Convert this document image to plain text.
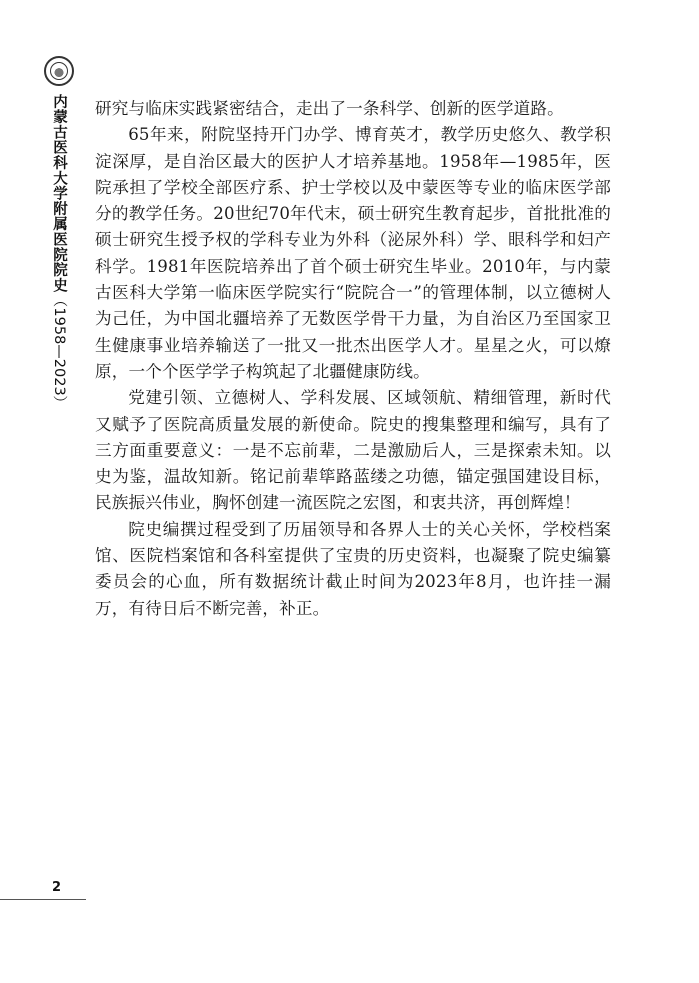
内蒙古医科大学附属医院院史（1958—2023）

研究与临床实践紧密结合，走出了一条科学、创新的医学道路。

65年来，附院坚持开门办学、博育英才，教学历史悠久、教学积淀深厚，是自治区最大的医护人才培养基地。1958年—1985年，医院承担了学校全部医疗系、护士学校以及中蒙医等专业的临床医学部分的教学任务。20世纪70年代末，硕士研究生教育起步，首批批准的硕士研究生授予权的学科专业为外科（泌尿外科）学、眼科学和妇产科学。1981年医院培养出了首个硕士研究生毕业。2010年，与内蒙古医科大学第一临床医学院实行“院院合一”的管理体制，以立德树人为己任，为中国北疆培养了无数医学骨干力量，为自治区乃至国家卫生健康事业培养输送了一批又一批杰出医学人才。星星之火，可以燎原，一个个医学学子构筑起了北疆健康防线。

党建引领、立德树人、学科发展、区域领航、精细管理，新时代又赋予了医院高质量发展的新使命。院史的搜集整理和编写，具有了三方面重要意义：一是不忘前辈，二是激励后人，三是探索未知。以史为鉴，温故知新。铭记前辈筚路蓝缕之功德，锚定强国建设目标，民族振兴伟业，胸怀创建一流医院之宏图，和衷共济，再创辉煌！

院史编撰过程受到了历届领导和各界人士的关心关怀，学校档案馆、医院档案馆和各科室提供了宝贵的历史资料，也凝聚了院史编纂委员会的心血，所有数据统计截止时间为2023年8月，也许挂一漏万，有待日后不断完善，补正。

2
